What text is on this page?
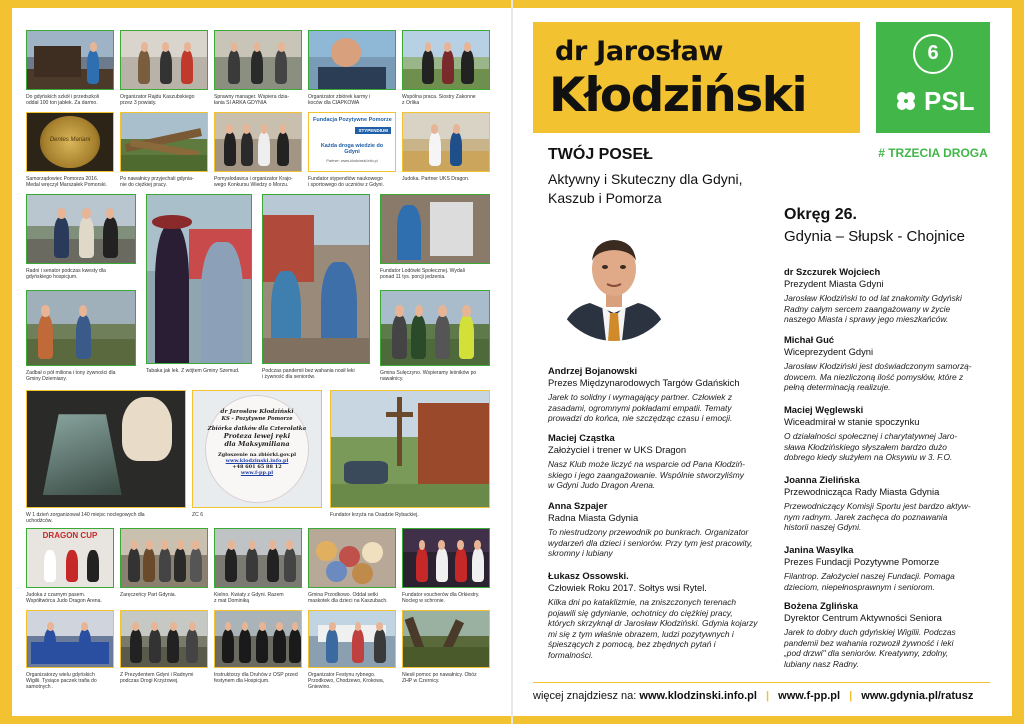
Do gdyńskich szkół i przedszkoli
oddał 100 ton jabłek. Za darmo.
Organizator Rajdu Kaszubskiego
przez 3 powiaty.
Sprawny manager. Wspiera dzia-
łania SI ARKA GDYNIA
Organizator zbiórek karmy i
koców dla CIAPKOWA
Wspólna praca. Siostry Zakonne
z Orlika
Dentes Mariani
Samorządowiec Pomorza 2016.
Medal wręczył Marszałek Pomorski.
Po nawałnicy przyjechali gdynia-
nie do ciężkiej pracy.
Pomysłodawca i organizator Krajo-
wego Konkursu Wiedzy o Morzu.
Fundacja Pozytywne Pomorze
STYPENDIUM
Każda droga wiedzie do Gdyni
Partner: www.klodzinski.info.pl
Fundator stypendiów naukowego
i sportowego do uczniów z Gdyni.
Judoka. Partner UKS Dragon.
Radni i senator podczas kwesty dla
gdyńskiego hospicjum.
Tabaka jak lek. Z wójtem Gminy Szemud.	Podczas pandemii bez wahania nosił leki
i żywność dla seniorów.
Fundator Lodówki Społecznej. Wydali
ponad 11 tys. porcji jedzenia.
Zadbał o pół miliona i tony żywności dla
Gminy Dziemiany.
Gmina Sulęczyno. Wspieramy leśników po
nawałnicy.
W 1 dzień zorganizował 140 miejsc noclegowych dla
uchodźców.
dr Jarosław Kłodziński
KS - Pozytywne Pomorze
Zbiórka datków dla Czterolatka
Proteza lewej ręki
dla Maksymiliana
Zgłoszenie na zbiórki.gov.pl
www.klodzinski.info.pl
+48 601 65 88 12
www.f-pp.pl
ZC 6	Fundator krzyża na Osadzie Rybackiej.
DRAGON CUP
Judoka z czarnym pasem.
Współtwórca Judo Dragon Arena.
Zaręczeńcy Part Gdynia.	Kielno. Kwiaty z Gdyni. Razem
z mat Dominiką
Gmina Przodkowo. Oddał setki
maskotek dla dzieci na Kaszubach.
Fundator voucherów dla Orkiestry.
Nocleg w schronie.
Organizatorzy wielu gdyńskich
Wigilii. Tysiące paczek trafia do
samotnych .
Z Prezydentem Gdyni i Radnymi
podczas Drogi Krzyżowej.
Instruktorzy dla Druhów z OSP przed
festynem dla Hospicjum.
Organizator Festynu rybnego.
Przodkowo, Chodzewo, Krokowa,
Gniewino.
Niesił pomoc po nawałnicy. Obóz
ZHP w Czernicy.
dr Jarosław
Kłodziński
6
PSL
# TRZECIA DROGA
TWÓJ POSEŁ
Aktywny i Skuteczny dla Gdyni,
Kaszub i Pomorza
Okręg 26.
Gdynia – Słupsk - Chojnice
Andrzej Bojanowski
Prezes Międzynarodowych Targów Gdańskich
Jarek to solidny i wymagający partner. Człowiek z
zasadami, ogromnymi pokładami empatii. Tematy
prowadzi do końca, nie szczędząc czasu i emocji.
Maciej Cząstka
Założyciel i trener w UKS Dragon
Nasz Klub może liczyć na wsparcie od Pana Kłodziń-
skiego i jego zaangażowanie. Wspólnie stworzyliśmy
w Gdyni Judo Dragon Arena.
Anna Szpajer
Radna Miasta Gdynia
To niestrudzony przewodnik po bunkrach. Organizator
wydarzeń dla dzieci i seniorów. Przy tym jest pracowity,
skromny i lubiany
Łukasz Ossowski.
Człowiek Roku 2017. Sołtys wsi Rytel.
Kilka dni po kataklizmie, na zniszczonych terenach
pojawili się gdynianie, ochotnicy do ciężkiej pracy,
których skrzyknął dr Jarosław Kłodziński. Gdynia kojarzy
mi się z tym właśnie obrazem, ludzi pozytywnych i
śpieszących z pomocą, bez zbędnych pytań i
formalności.
dr Szczurek Wojciech
Prezydent Miasta Gdyni
Jarosław Kłodziński to od lat znakomity Gdyński
Radny całym sercem zaangażowany w życie
naszego Miasta i sprawy jego mieszkańców.
Michał Guć
Wiceprezydent Gdyni
Jarosław Kłodziński jest doświadczonym samorzą-
dowcem. Ma niezliczoną ilość pomysłów, które z
pełną determinacją realizuje.
Maciej Węglewski
Wiceadmirał w stanie spoczynku
O działalności społecznej i charytatywnej Jaro-
sława Kłodzińskiego słyszałem bardzo dużo
dobrego kiedy służyłem na Oksywiu w 3. F.O.
Joanna Zielińska
Przewodnicząca Rady Miasta Gdynia
Przewodniczący Komisji Sportu jest bardzo aktyw-
nym radnym. Jarek zachęca do poznawania
historii naszej Gdyni.
Janina Wasylka
Prezes Fundacji Pozytywne Pomorze
Filantrop. Założyciel naszej Fundacji. Pomaga
dzieciom, niepełnosprawnym i seniorom.
Bożena Zglińska
Dyrektor Centrum Aktywności Seniora
Jarek to dobry duch gdyńskiej Wigilii. Podczas
pandemii bez wahania rozwoził żywność i leki
„pod drzwi" dla seniorów. Kreatywny, zdolny,
lubiany nasz Radny.
więcej znajdziesz na: www.klodzinski.info.pl | www.f-pp.pl | www.gdynia.pl/ratusz
